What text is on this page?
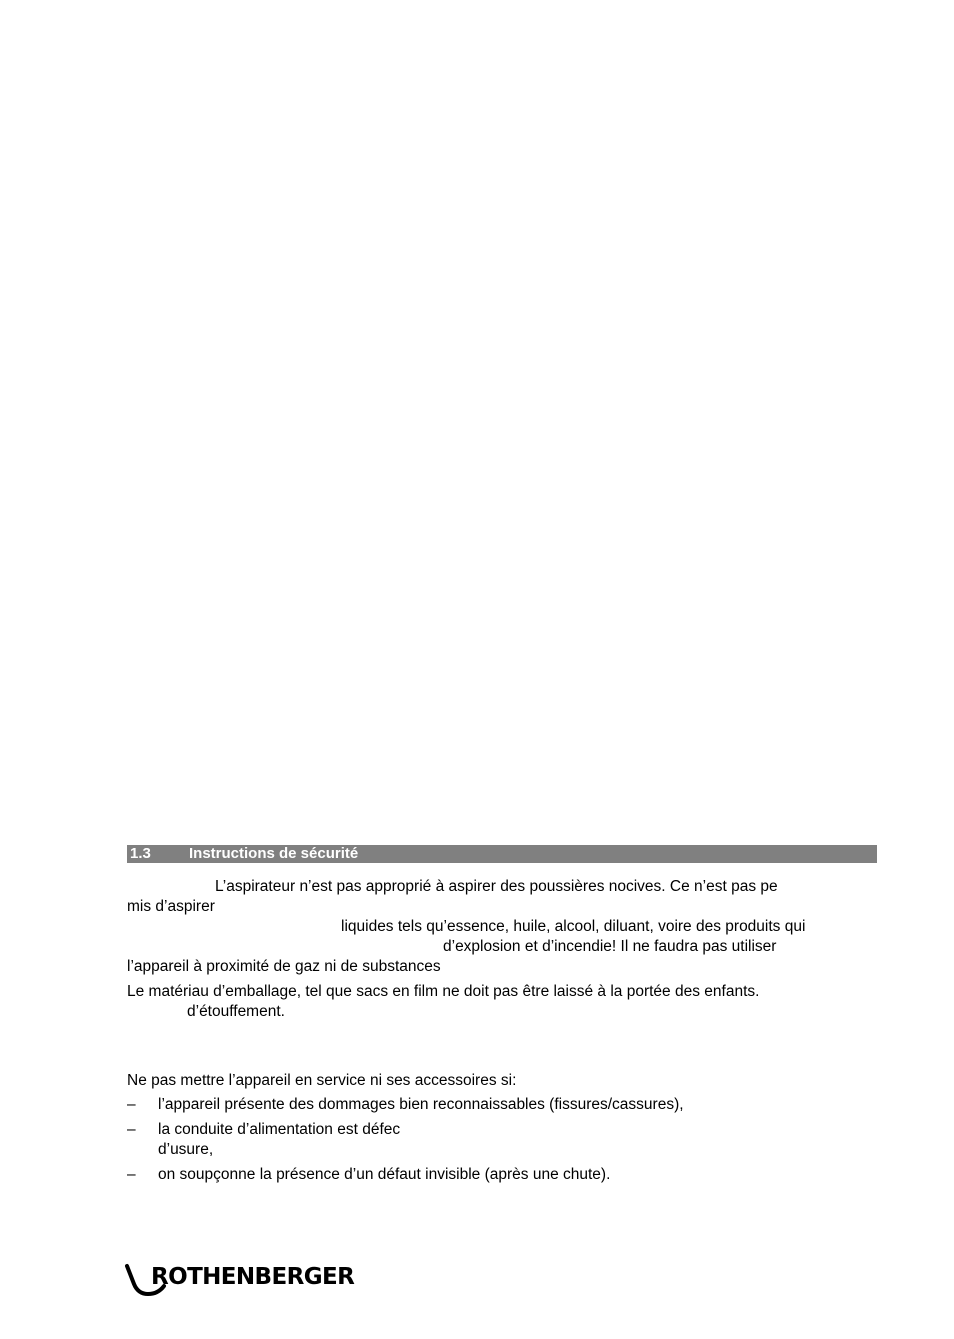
1.3	Instructions de sécurité
L’aspirateur n’est pas approprié à aspirer des poussières nocives. Ce n’est pas pe
mis d’aspirer
liquides tels qu’essence, huile, alcool, diluant, voire des produits qui
d’explosion et d’incendie! Il ne faudra pas utiliser
l’appareil à proximité de gaz ni de substances
Le matériau d’emballage, tel que sacs en film ne doit pas être laissé à la portée des enfants.
d’étouffement.
Ne pas mettre l’appareil en service ni ses accessoires si:
– l’appareil présente des dommages bien reconnaissables (fissures/cassures),
– la conduite d’alimentation est défec
d’usure,
– on soupçonne la présence d’un défaut invisible (après une chute).
ROTHENBERGER
